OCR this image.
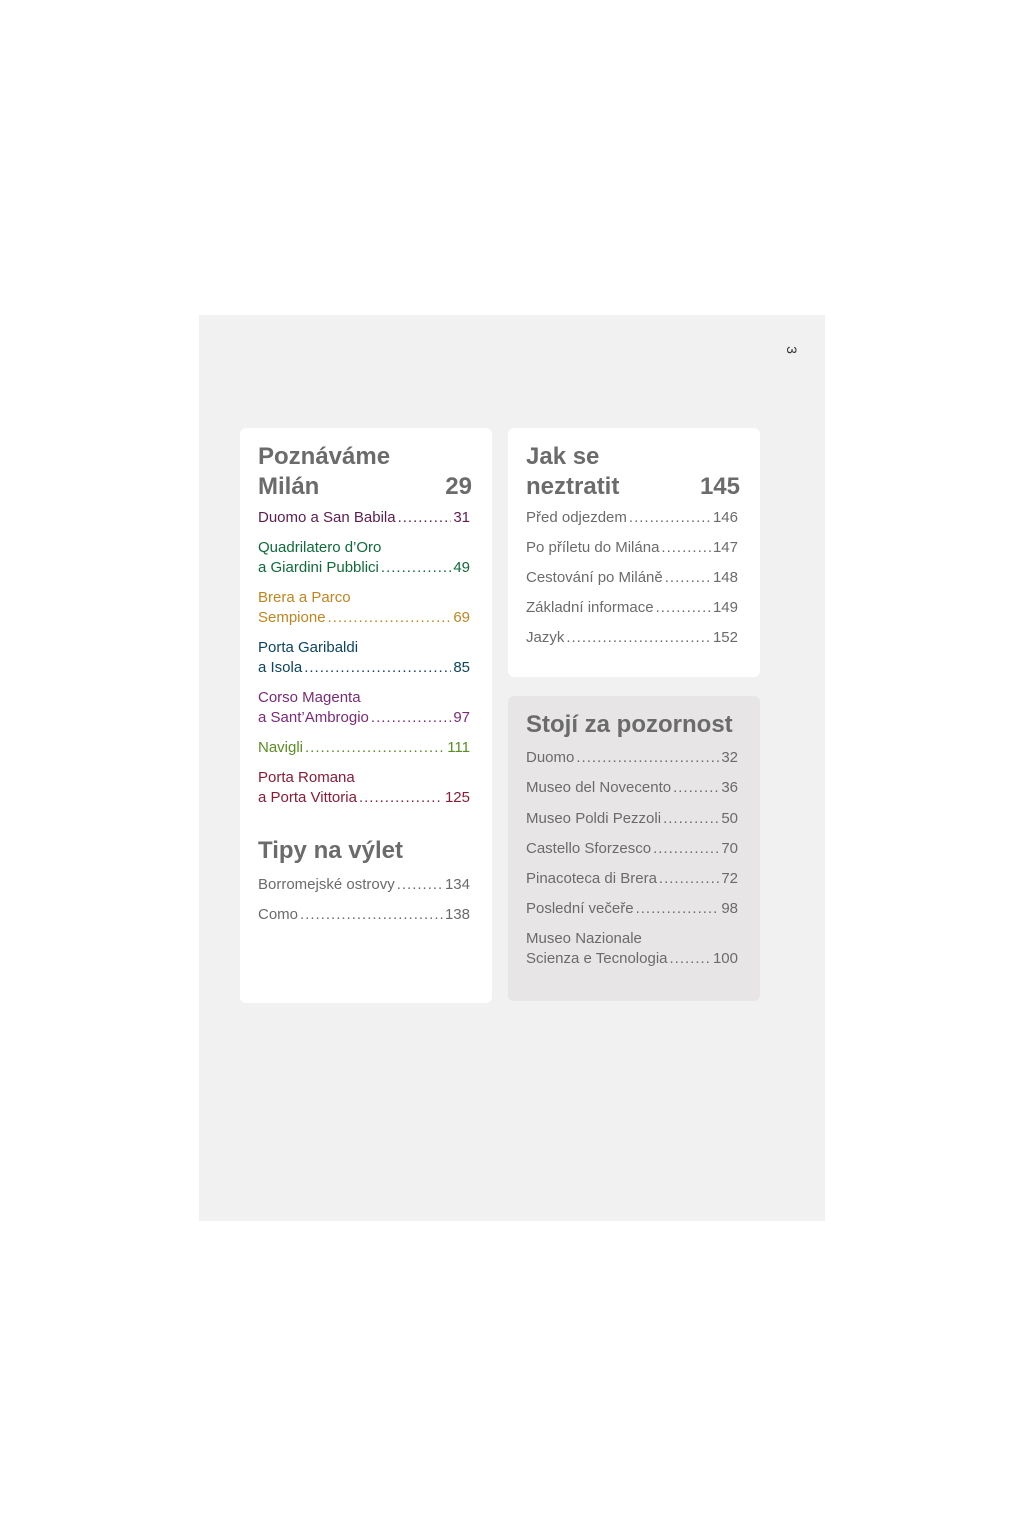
3
Poznáváme
Milán	29
Duomo a San Babila .....	31
Quadrilatero d’Oro
a Giardini Pubblici .....	49
Brera a Parco
Sempione .....	69
Porta Garibaldi
a Isola .....	85
Corso Magenta
a Sant’Ambrogio .....	97
Navigli .....	111
Porta Romana
a Porta Vittoria .....	125
Tipy na výlet
Borromejské ostrovy .....	134
Como .....	138
Jak se
neztratit	145
Před odjezdem .....	146
Po příletu do Milána .....	147
Cestování po Miláně .....	148
Základní informace .....	149
Jazyk .....	152
Stojí za pozornost
Duomo .....	32
Museo del Novecento .....	36
Museo Poldi Pezzoli .....	50
Castello Sforzesco .....	70
Pinacoteca di Brera .....	72
Poslední večeře .....	98
Museo Nazionale
Scienza e Tecnologia .....	100
